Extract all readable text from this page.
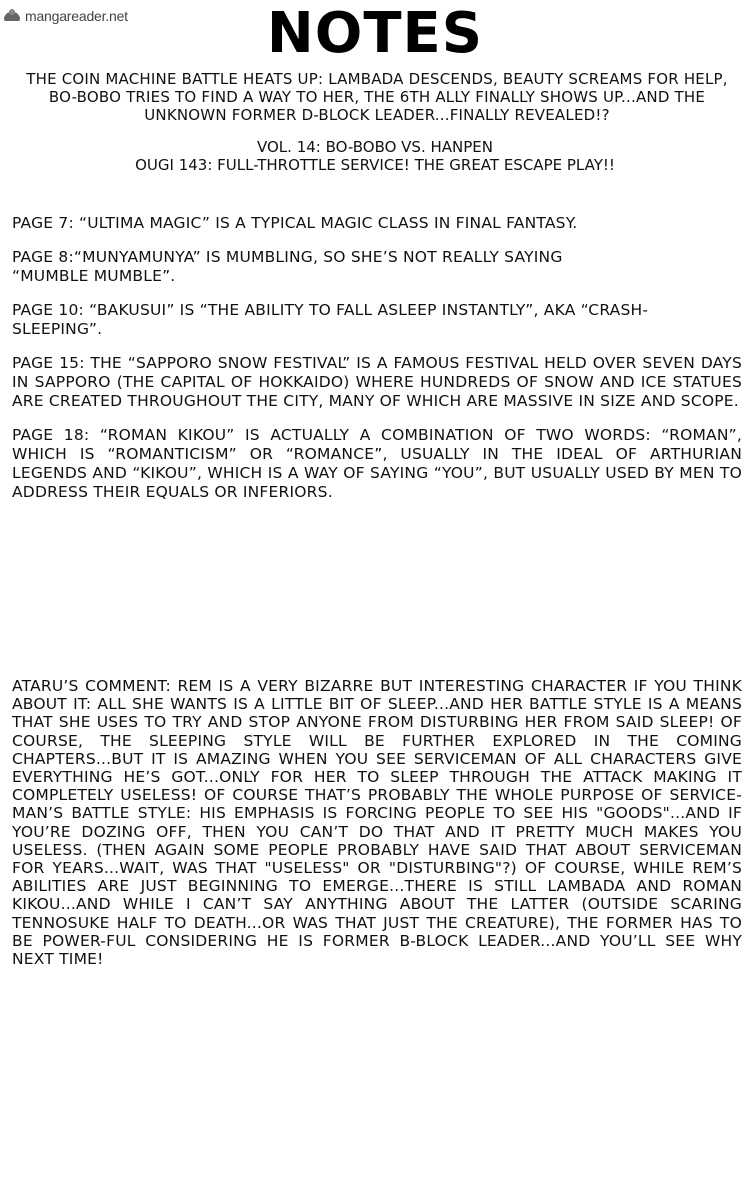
mangareader.net	NOTES
THE COIN MACHINE BATTLE HEATS UP: LAMBADA DESCENDS, BEAUTY SCREAMS FOR HELP, BO-BOBO TRIES TO FIND A WAY TO HER, THE 6TH ALLY FINALLY SHOWS UP...AND THE UNKNOWN FORMER D-BLOCK LEADER...FINALLY REVEALED!?
VOL. 14: BO-BOBO VS. HANPEN
OUGI 143: FULL-THROTTLE SERVICE! THE GREAT ESCAPE PLAY!!

PAGE 7: “ULTIMA MAGIC” IS A TYPICAL MAGIC CLASS IN FINAL FANTASY.

PAGE 8:“MUNYAMUNYA” IS MUMBLING, SO SHE’S NOT REALLY SAYING “MUMBLE MUMBLE”.

PAGE 10: “BAKUSUI” IS “THE ABILITY TO FALL ASLEEP INSTANTLY”, AKA “CRASH-SLEEPING”.

PAGE 15: THE “SAPPORO SNOW FESTIVAL” IS A FAMOUS FESTIVAL HELD OVER SEVEN DAYS IN SAPPORO (THE CAPITAL OF HOKKAIDO) WHERE HUNDREDS OF SNOW AND ICE STATUES ARE CREATED THROUGHOUT THE CITY, MANY OF WHICH ARE MASSIVE IN SIZE AND SCOPE.

PAGE 18: “ROMAN KIKOU” IS ACTUALLY A COMBINATION OF TWO WORDS: “ROMAN”, WHICH IS “ROMANTICISM” OR “ROMANCE”, USUALLY IN THE IDEAL OF ARTHURIAN LEGENDS AND “KIKOU”, WHICH IS A WAY OF SAYING “YOU”, BUT USUALLY USED BY MEN TO ADDRESS THEIR EQUALS OR INFERIORS.

ATARU’S COMMENT: REM IS A VERY BIZARRE BUT INTERESTING CHARACTER IF YOU THINK ABOUT IT: ALL SHE WANTS IS A LITTLE BIT OF SLEEP...AND HER BATTLE STYLE IS A MEANS THAT SHE USES TO TRY AND STOP ANYONE FROM DISTURBING HER FROM SAID SLEEP! OF COURSE, THE SLEEPING STYLE WILL BE FURTHER EXPLORED IN THE COMING CHAPTERS...BUT IT IS AMAZING WHEN YOU SEE SERVICEMAN OF ALL CHARACTERS GIVE EVERYTHING HE’S GOT...ONLY FOR HER TO SLEEP THROUGH THE ATTACK MAKING IT COMPLETELY USELESS! OF COURSE THAT’S PROBABLY THE WHOLE PURPOSE OF SERVICE-MAN’S BATTLE STYLE: HIS EMPHASIS IS FORCING PEOPLE TO SEE HIS "GOODS"...AND IF YOU’RE DOZING OFF, THEN YOU CAN’T DO THAT AND IT PRETTY MUCH MAKES YOU USELESS. (THEN AGAIN SOME PEOPLE PROBABLY HAVE SAID THAT ABOUT SERVICEMAN FOR YEARS...WAIT, WAS THAT "USELESS" OR "DISTURBING"?) OF COURSE, WHILE REM’S ABILITIES ARE JUST BEGINNING TO EMERGE...THERE IS STILL LAMBADA AND ROMAN KIKOU...AND WHILE I CAN’T SAY ANYTHING ABOUT THE LATTER (OUTSIDE SCARING TENNOSUKE HALF TO DEATH...OR WAS THAT JUST THE CREATURE), THE FORMER HAS TO BE POWER-FUL CONSIDERING HE IS FORMER B-BLOCK LEADER...AND YOU’LL SEE WHY NEXT TIME!
